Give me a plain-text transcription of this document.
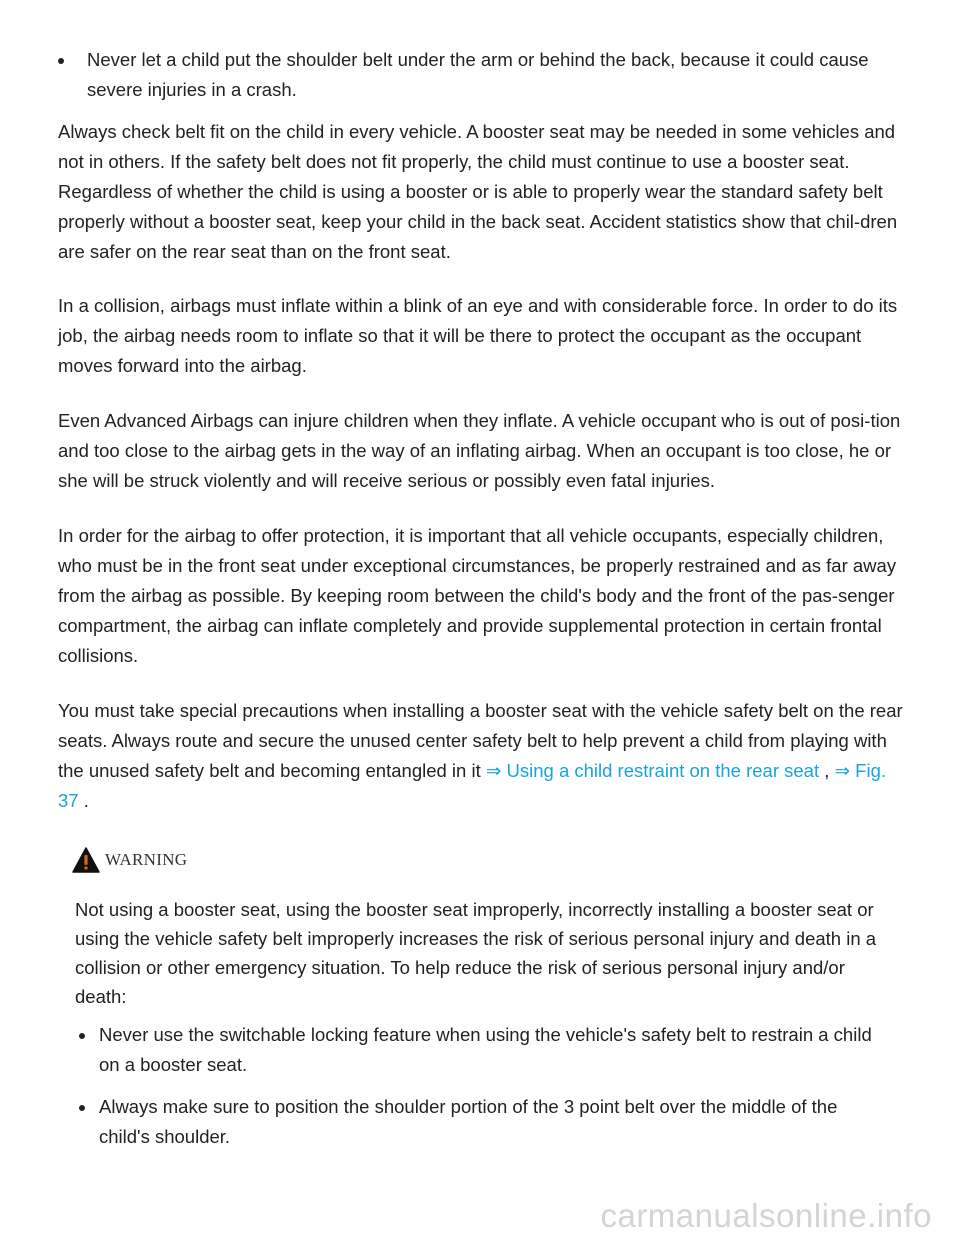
Never let a child put the shoulder belt under the arm or behind the back, because it could cause severe injuries in a crash.

Always check belt fit on the child in every vehicle. A booster seat may be needed in some vehicles and not in others. If the safety belt does not fit properly, the child must continue to use a booster seat. Regardless of whether the child is using a booster or is able to properly wear the standard safety belt properly without a booster seat, keep your child in the back seat. Accident statistics show that chil-dren are safer on the rear seat than on the front seat.

In a collision, airbags must inflate within a blink of an eye and with considerable force. In order to do its job, the airbag needs room to inflate so that it will be there to protect the occupant as the occupant moves forward into the airbag.

Even Advanced Airbags can injure children when they inflate. A vehicle occupant who is out of posi-tion and too close to the airbag gets in the way of an inflating airbag. When an occupant is too close, he or she will be struck violently and will receive serious or possibly even fatal injuries.

In order for the airbag to offer protection, it is important that all vehicle occupants, especially children, who must be in the front seat under exceptional circumstances, be properly restrained and as far away from the airbag as possible. By keeping room between the child's body and the front of the pas-senger compartment, the airbag can inflate completely and provide supplemental protection in certain frontal collisions.

You must take special precautions when installing a booster seat with the vehicle safety belt on the rear seats. Always route and secure the unused center safety belt to help prevent a child from playing with the unused safety belt and becoming entangled in it ⇒ Using a child restraint on the rear seat , ⇒ Fig. 37 .

WARNING

Not using a booster seat, using the booster seat improperly, incorrectly installing a booster seat or using the vehicle safety belt improperly increases the risk of serious personal injury and death in a collision or other emergency situation. To help reduce the risk of serious personal injury and/or death:

Never use the switchable locking feature when using the vehicle's safety belt to restrain a child on a booster seat.
Always make sure to position the shoulder portion of the 3 point belt over the middle of the child's shoulder.
carmanualsonline.info
